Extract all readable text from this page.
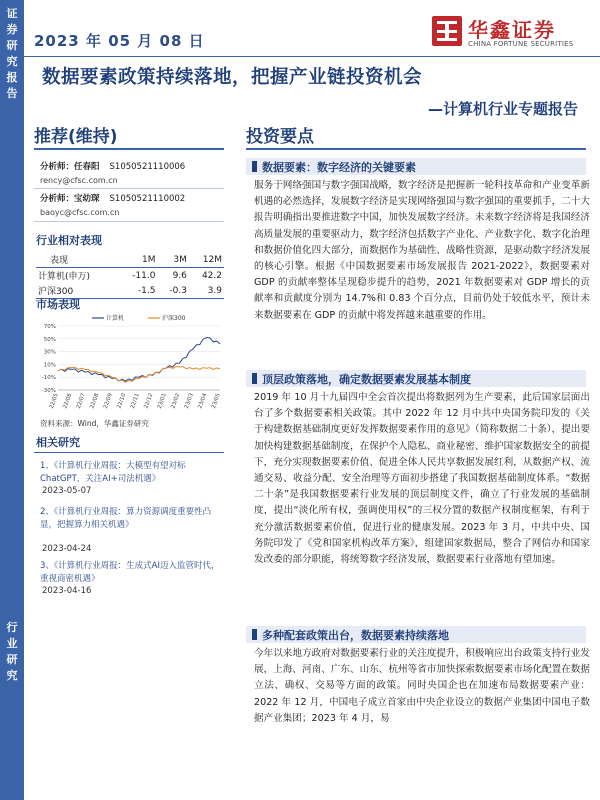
证
券
研
究
报
告
行
业
研
究
2023 年 05 月 08 日	华鑫证券
CHINA FORTUNE SECURITIES
数据要素政策持续落地，把握产业链投资机会
—计算机行业专题报告
推荐(维持)	投资要点
分析师：任春阳 S1050521110006
rency@cfsc.com.cn
分析师：宝幼琛 S1050521110002
baoyc@cfsc.com.cn
行业相对表现
表现	1M	3M	12M
计算机(申万)	-11.0	9.6	42.2
沪深300	-1.5	-0.3	3.9
市场表现
-30%
-10%
10%
30%
50%
70%
22/05 22/06 22/07 22/08 22/09 22/10 22/11 22/12 23/01 23/02 23/03 23/04 23/05
计算机	沪深300
资料来源：Wind，华鑫证券研究
相关研究
1、《计算机行业周报：大模型有望对标ChatGPT，关注AI+司法机遇》
2023-05-07
2、《计算机行业周报：算力资源调度重要性凸显，把握算力相关机遇》
2023-04-24
3、《计算机行业周报：生成式AI迈入监管时代，重视商密机遇》
2023-04-16
数据要素：数字经济的关键要素
服务于网络强国与数字强国战略，数字经济是把握新一轮科技革命和产业变革新机遇的必然选择，发展数字经济是实现网络强国与数字强国的重要抓手，二十大报告明确指出要推进数字中国，加快发展数字经济。未来数字经济将是我国经济高质量发展的重要驱动力，数字经济包括数字产业化、产业数字化、数字化治理和数据价值化四大部分，而数据作为基础性、战略性资源，是驱动数字经济发展的核心引擎。根据《中国数据要素市场发展报告 2021-2022》，数据要素对 GDP 的贡献率整体呈现稳步提升的趋势，2021 年数据要素对 GDP 增长的贡献率和贡献度分别为 14.7%和 0.83 个百分点，目前仍处于较低水平，预计未来数据要素在 GDP 的贡献中将发挥越来越重要的作用。
顶层政策落地，确定数据要素发展基本制度
2019 年 10 月十九届四中全会首次提出将数据列为生产要素，此后国家层面出台了多个数据要素相关政策。其中 2022 年 12 月中共中央国务院印发的《关于构建数据基础制度更好发挥数据要素作用的意见》（简称数据二十条），提出要加快构建数据基础制度，在保护个人隐私、商业秘密、维护国家数据安全的前提下，充分实现数据要素价值、促进全体人民共享数据发展红利，从数据产权、流通交易、收益分配、安全治理等方面初步搭建了我国数据基础制度体系。“数据二十条”是我国数据要素行业发展的顶层制度文件，确立了行业发展的基础制度，提出“淡化所有权，强调使用权”的三权分置的数据产权制度框架，有利于充分激活数据要素价值，促进行业的健康发展。2023 年 3 月，中共中央、国务院印发了《党和国家机构改革方案》，组建国家数据局，整合了网信办和国家发改委的部分职能，将统筹数字经济发展，数据要素行业落地有望加速。
多种配套政策出台，数据要素持续落地
今年以来地方政府对数据要素行业的关注度提升，积极响应出台政策支持行业发展，上海、河南、广东、山东、杭州等省市加快探索数据要素市场化配置在数据立法、确权、交易等方面的政策。同时央国企也在加速布局数据要素产业：2022 年 12 月，中国电子成立首家由中央企业设立的数据产业集团中国电子数据产业集团；2023 年 4 月，易
